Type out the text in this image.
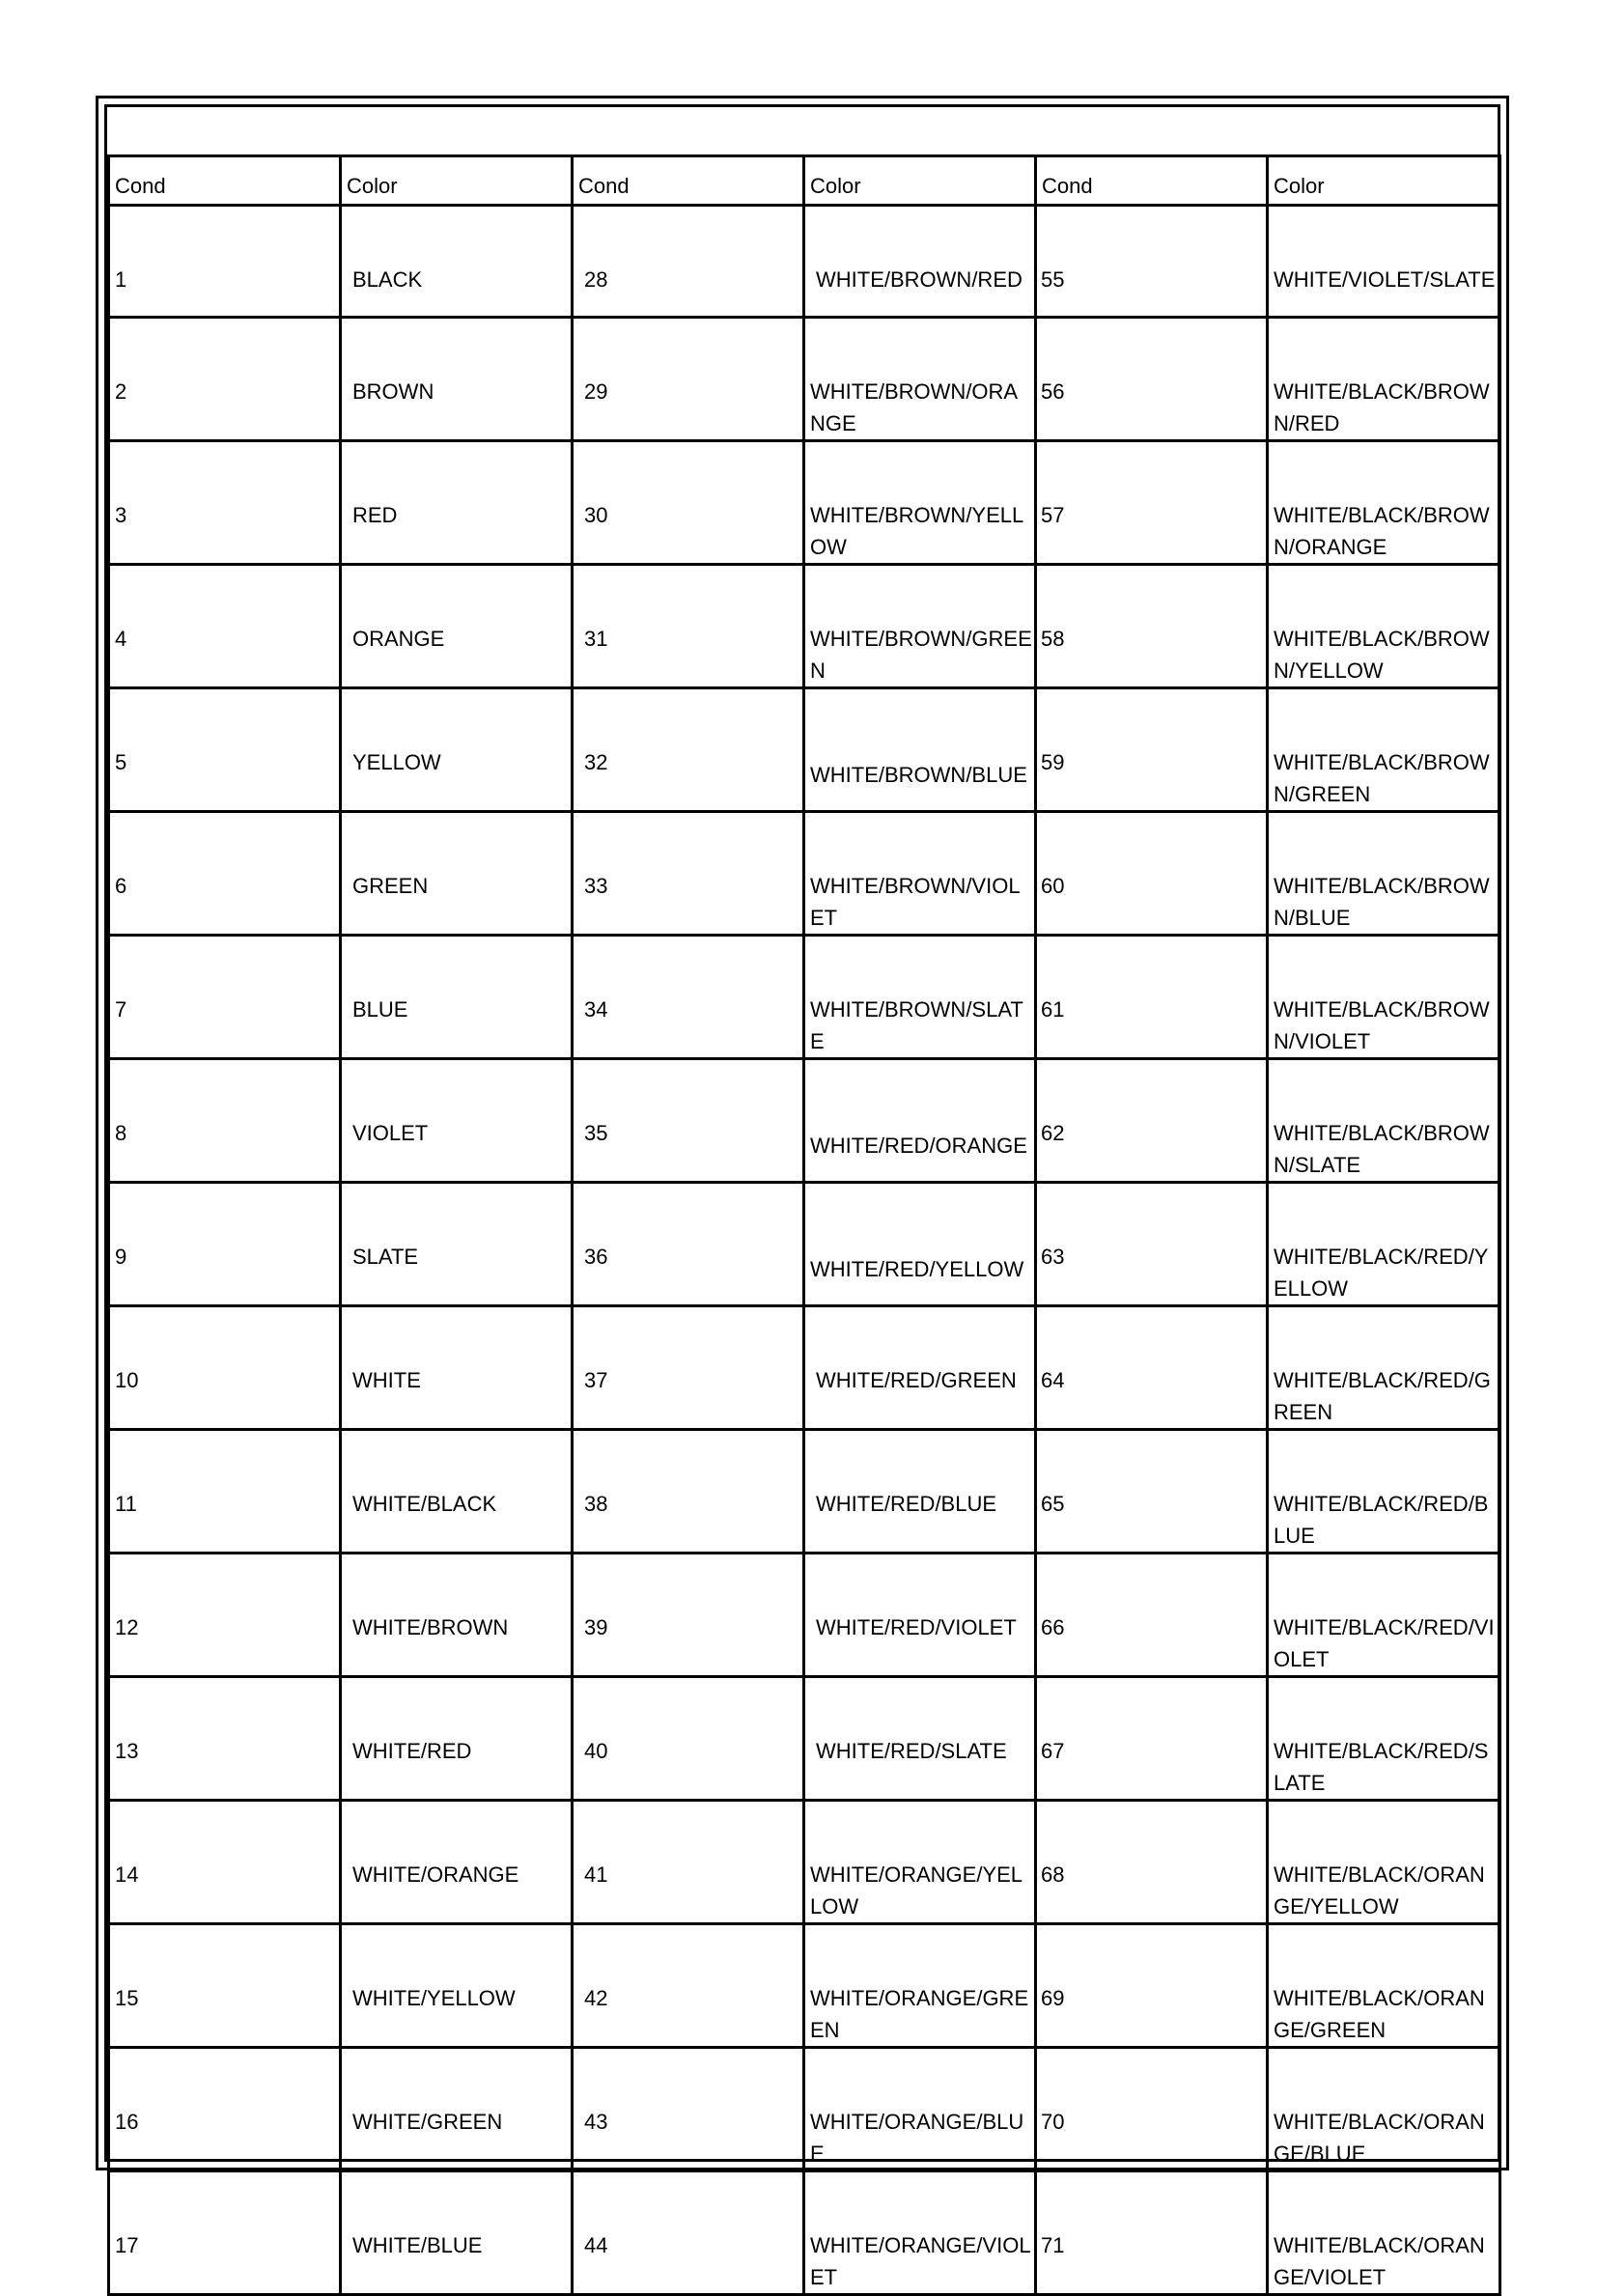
Cond	Color	Cond	Color	Cond	Color

1	BLACK	28	WHITE/BROWN/RED	55	WHITE/VIOLET/SLATE

2	BROWN	29	WHITE/BROWN/ORANGE	56	WHITE/BLACK/BROWN/RED

3	RED	30	WHITE/BROWN/YELLOW	57	WHITE/BLACK/BROWN/ORANGE

4	ORANGE	31	WHITE/BROWN/GREEN	58	WHITE/BLACK/BROWN/YELLOW

5	YELLOW	32	WHITE/BROWN/BLUE	59	WHITE/BLACK/BROWN/GREEN

6	GREEN	33	WHITE/BROWN/VIOLET	60	WHITE/BLACK/BROWN/BLUE

7	BLUE	34	WHITE/BROWN/SLATE	61	WHITE/BLACK/BROWN/VIOLET

8	VIOLET	35	WHITE/RED/ORANGE	62	WHITE/BLACK/BROWN/SLATE

9	SLATE	36	WHITE/RED/YELLOW	63	WHITE/BLACK/RED/YELLOW

10	WHITE	37	WHITE/RED/GREEN	64	WHITE/BLACK/RED/GREEN

11	WHITE/BLACK	38	WHITE/RED/BLUE	65	WHITE/BLACK/RED/BLUE

12	WHITE/BROWN	39	WHITE/RED/VIOLET	66	WHITE/BLACK/RED/VIOLET

13	WHITE/RED	40	WHITE/RED/SLATE	67	WHITE/BLACK/RED/SLATE

14	WHITE/ORANGE	41	WHITE/ORANGE/YELLOW	68	WHITE/BLACK/ORANGE/YELLOW

15	WHITE/YELLOW	42	WHITE/ORANGE/GREEN	69	WHITE/BLACK/ORANGE/GREEN

16	WHITE/GREEN	43	WHITE/ORANGE/BLUE	70	WHITE/BLACK/ORANGE/BLUE

17	WHITE/BLUE	44	WHITE/ORANGE/VIOLET	71	WHITE/BLACK/ORANGE/VIOLET
